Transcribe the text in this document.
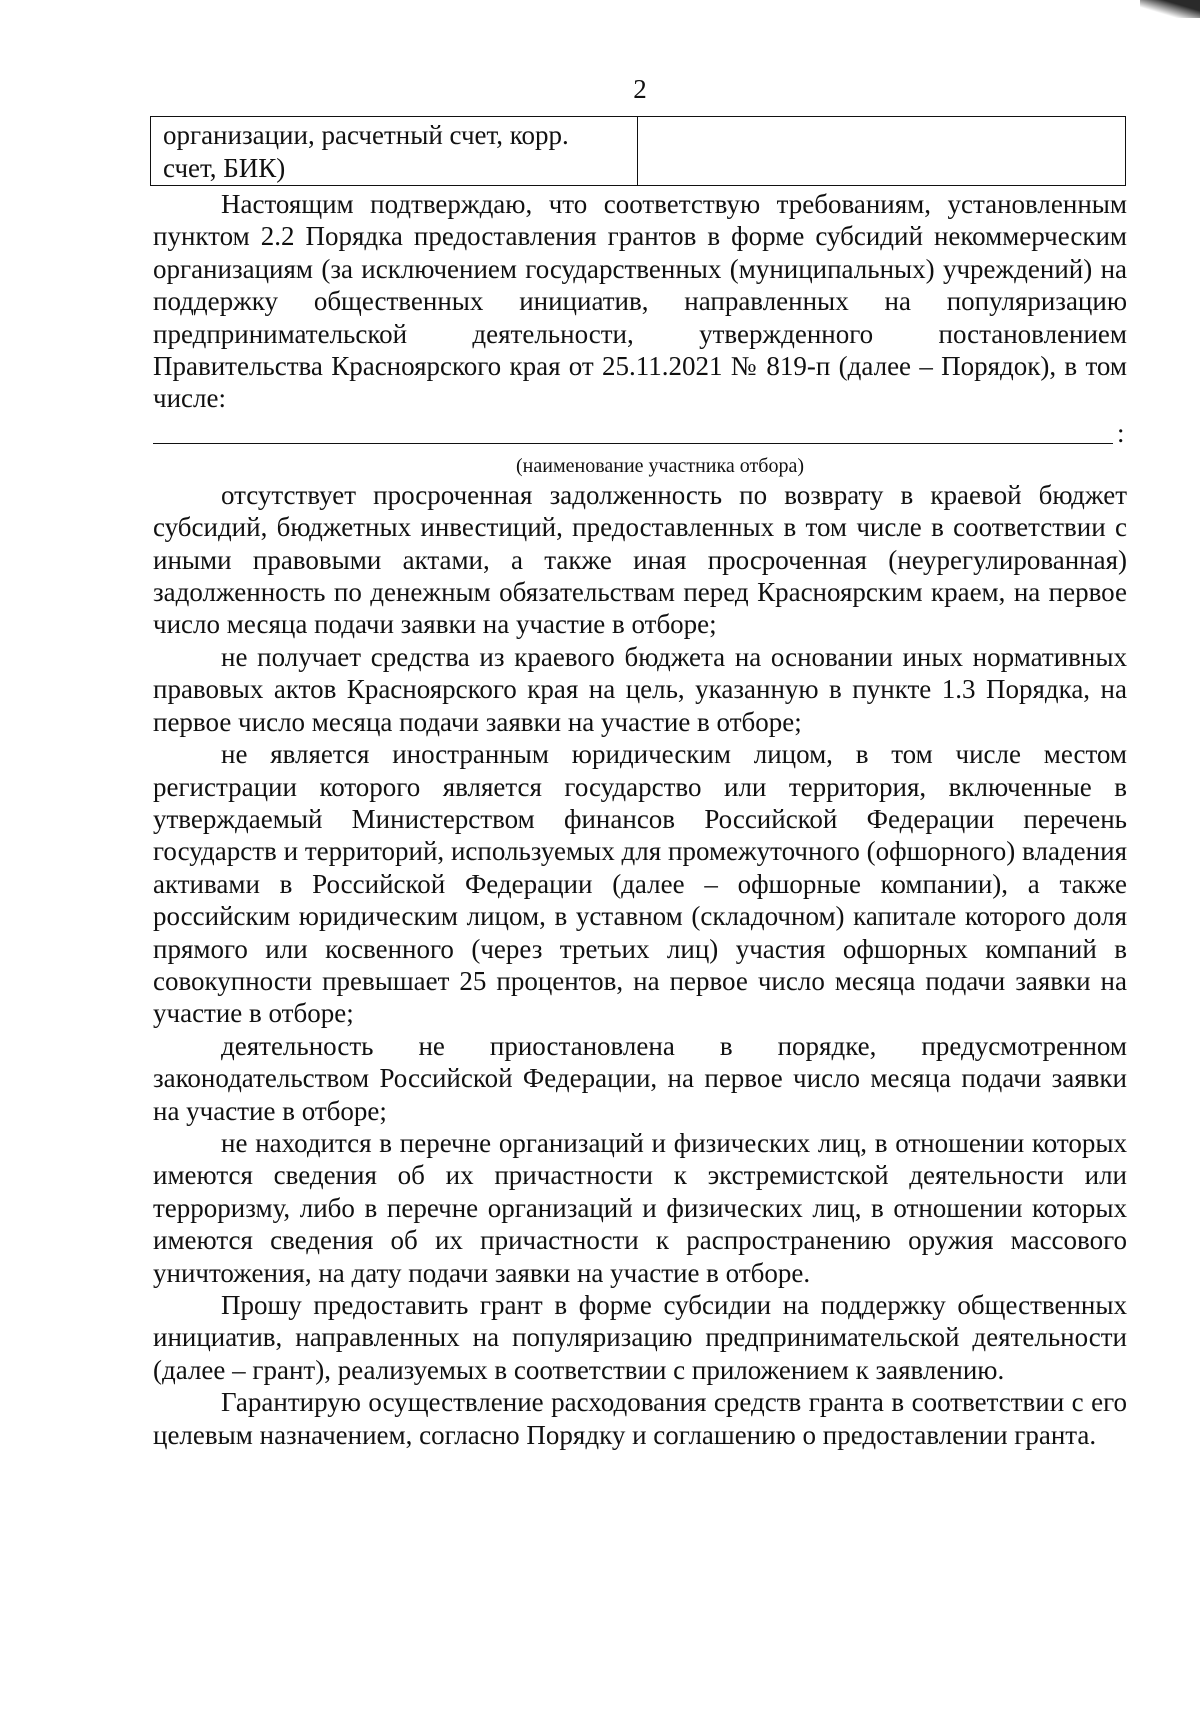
2
организации, расчетный счет, корр. счет, БИК)	

Настоящим подтверждаю, что соответствую требованиям, установленным пунктом 2.2 Порядка предоставления грантов в форме субсидий некоммерческим организациям (за исключением государственных (муниципальных) учреждений) на поддержку общественных инициатив, направленных на популяризацию предпринимательской деятельности, утвержденного постановлением Правительства Красноярского края от 25.11.2021 № 819-п (далее – Порядок), в том числе:

:
(наименование участника отбора)

отсутствует просроченная задолженность по возврату в краевой бюджет субсидий, бюджетных инвестиций, предоставленных в том числе в соответствии с иными правовыми актами, а также иная просроченная (неурегулированная) задолженность по денежным обязательствам перед Красноярским краем, на первое число месяца подачи заявки на участие в отборе;

не получает средства из краевого бюджета на основании иных нормативных правовых актов Красноярского края на цель, указанную в пункте 1.3 Порядка, на первое число месяца подачи заявки на участие в отборе;

не является иностранным юридическим лицом, в том числе местом регистрации которого является государство или территория, включенные в утверждаемый Министерством финансов Российской Федерации перечень государств и территорий, используемых для промежуточного (офшорного) владения активами в Российской Федерации (далее – офшорные компании), а также российским юридическим лицом, в уставном (складочном) капитале которого доля прямого или косвенного (через третьих лиц) участия офшорных компаний в совокупности превышает 25 процентов, на первое число месяца подачи заявки на участие в отборе;

деятельность не приостановлена в порядке, предусмотренном законодательством Российской Федерации, на первое число месяца подачи заявки на участие в отборе;

не находится в перечне организаций и физических лиц, в отношении которых имеются сведения об их причастности к экстремистской деятельности или терроризму, либо в перечне организаций и физических лиц, в отношении которых имеются сведения об их причастности к распространению оружия массового уничтожения, на дату подачи заявки на участие в отборе.

Прошу предоставить грант в форме субсидии на поддержку общественных инициатив, направленных на популяризацию предпринимательской деятельности (далее – грант), реализуемых в соответствии с приложением к заявлению.

Гарантирую осуществление расходования средств гранта в соответствии с его целевым назначением, согласно Порядку и соглашению о предоставлении гранта.
